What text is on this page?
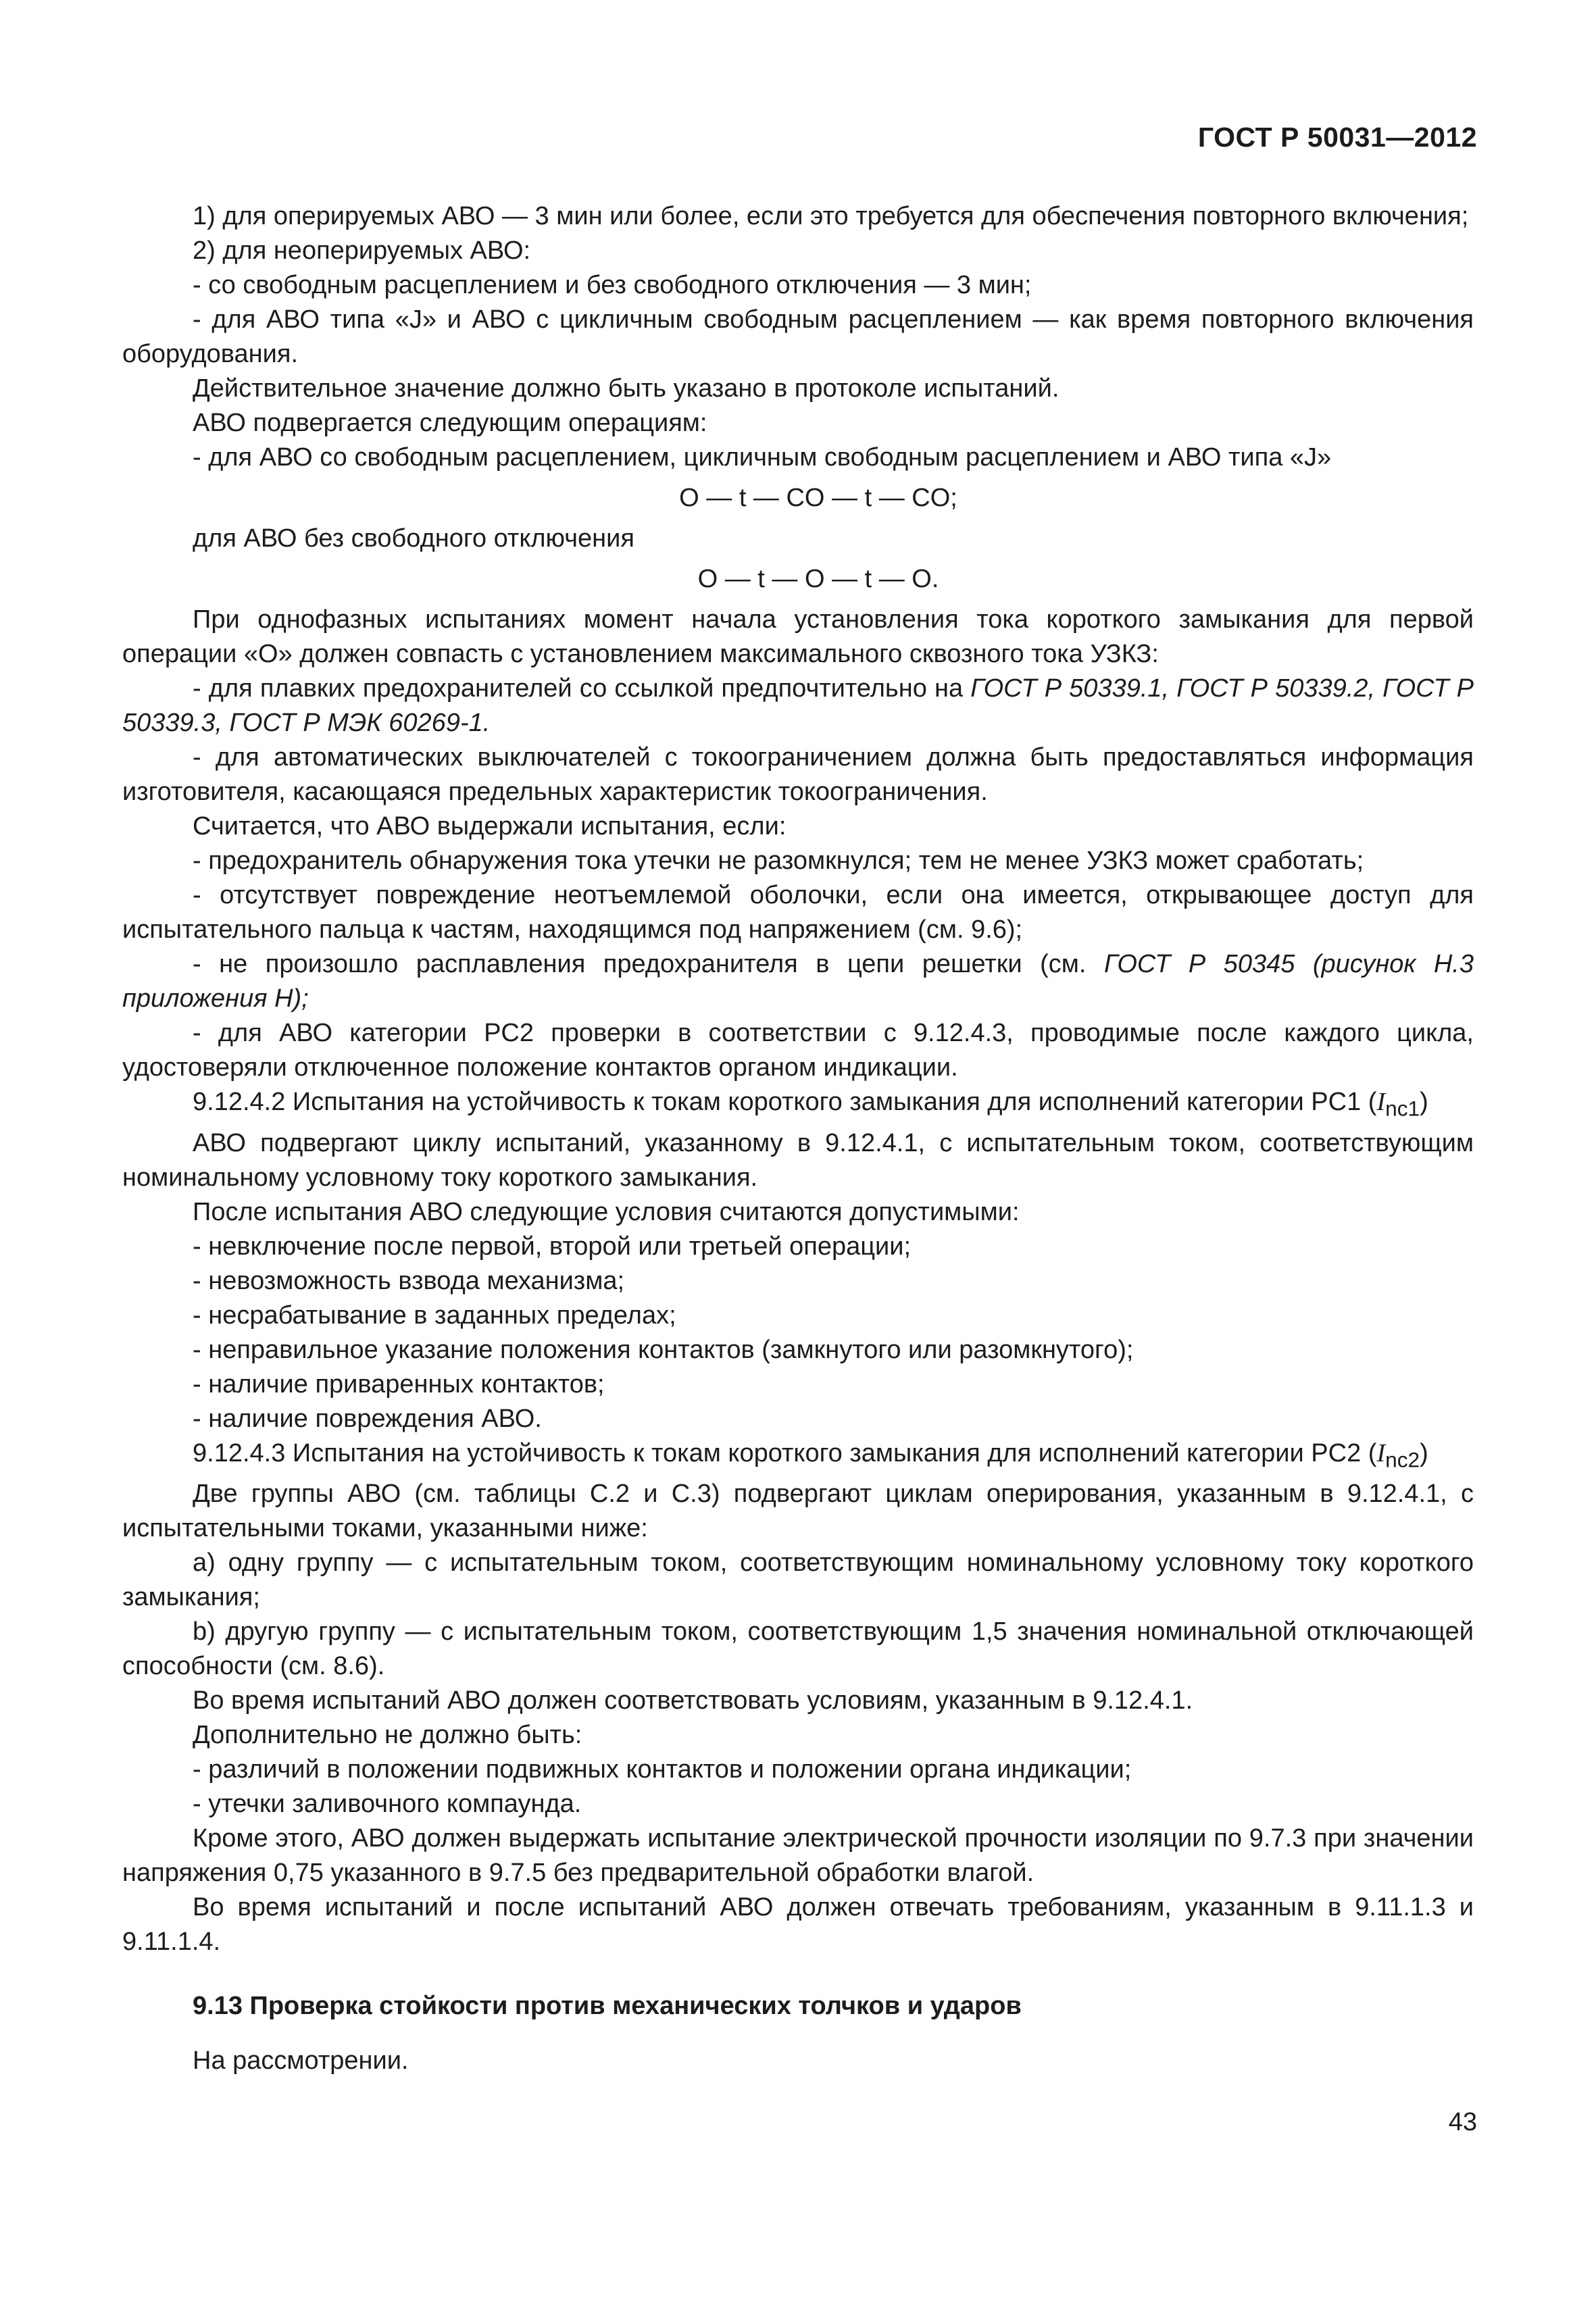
ГОСТ Р 50031—2012

1) для оперируемых АВО — 3 мин или более, если это требуется для обеспечения повторного включения;

2) для неоперируемых АВО:

- со свободным расцеплением и без свободного отключения — 3 мин;

- для АВО типа «J» и АВО с цикличным свободным расцеплением — как время повторного включения оборудования.

Действительное значение должно быть указано в протоколе испытаний.

АВО подвергается следующим операциям:

- для АВО со свободным расцеплением, цикличным свободным расцеплением и АВО типа «J»

O — t — CO — t — CO;

для АВО без свободного отключения

O — t — O — t — O.

При однофазных испытаниях момент начала установления тока короткого замыкания для первой операции «О» должен совпасть с установлением максимального сквозного тока УЗКЗ:

- для плавких предохранителей со ссылкой предпочтительно на ГОСТ Р 50339.1, ГОСТ Р 50339.2, ГОСТ Р 50339.3, ГОСТ Р МЭК 60269-1.

- для автоматических выключателей с токоограничением должна быть предоставляться информация изготовителя, касающаяся предельных характеристик токоограничения.

Считается, что АВО выдержали испытания, если:

- предохранитель обнаружения тока утечки не разомкнулся; тем не менее УЗКЗ может сработать;

- отсутствует повреждение неотъемлемой оболочки, если она имеется, открывающее доступ для испытательного пальца к частям, находящимся под напряжением (см. 9.6);

- не произошло расплавления предохранителя в цепи решетки (см. ГОСТ Р 50345 (рисунок Н.3 приложения Н);

- для АВО категории PC2 проверки в соответствии с 9.12.4.3, проводимые после каждого цикла, удостоверяли отключенное положение контактов органом индикации.

9.12.4.2 Испытания на устойчивость к токам короткого замыкания для исполнений категории PC1 $(I_{nc1})$

АВО подвергают циклу испытаний, указанному в 9.12.4.1, с испытательным током, соответствующим номинальному условному току короткого замыкания.

После испытания АВО следующие условия считаются допустимыми:

- невключение после первой, второй или третьей операции;

- невозможность взвода механизма;

- несрабатывание в заданных пределах;

- неправильное указание положения контактов (замкнутого или разомкнутого);

- наличие приваренных контактов;

- наличие повреждения АВО.

9.12.4.3 Испытания на устойчивость к токам короткого замыкания для исполнений категории PC2 $(I_{nc2})$

Две группы АВО (см. таблицы С.2 и С.3) подвергают циклам оперирования, указанным в 9.12.4.1, с испытательными токами, указанными ниже:

a) одну группу — с испытательным током, соответствующим номинальному условному току короткого замыкания;

b) другую группу — с испытательным током, соответствующим 1,5 значения номинальной отключающей способности (см. 8.6).

Во время испытаний АВО должен соответствовать условиям, указанным в 9.12.4.1.

Дополнительно не должно быть:

- различий в положении подвижных контактов и положении органа индикации;

- утечки заливочного компаунда.

Кроме этого, АВО должен выдержать испытание электрической прочности изоляции по 9.7.3 при значении напряжения 0,75 указанного в 9.7.5 без предварительной обработки влагой.

Во время испытаний и после испытаний АВО должен отвечать требованиям, указанным в 9.11.1.3 и 9.11.1.4.

9.13 Проверка стойкости против механических толчков и ударов

На рассмотрении.

43
